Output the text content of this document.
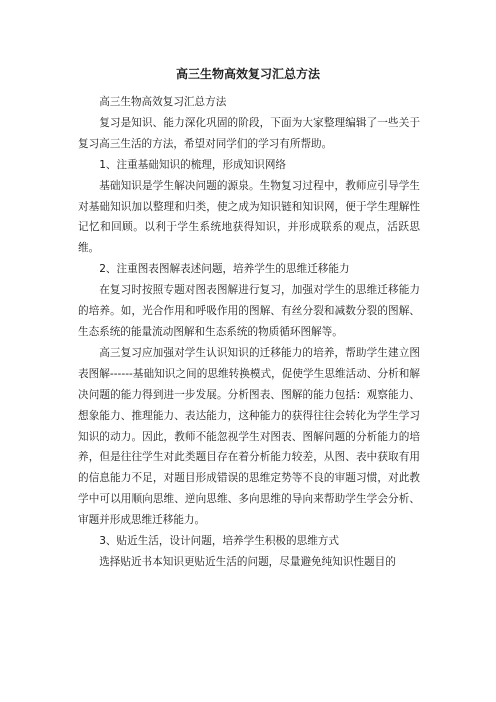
高三生物高效复习汇总方法

高三生物高效复习汇总方法

复习是知识、能力深化巩固的阶段，下面为大家整理编辑了一些关于复习高三生活的方法，希望对同学们的学习有所帮助。

1、注重基础知识的梳理，形成知识网络

基础知识是学生解决问题的源泉。生物复习过程中，教师应引导学生对基础知识加以整理和归类，使之成为知识链和知识网，便于学生理解性记忆和回顾。以利于学生系统地获得知识，并形成联系的观点，活跃思维。

2、注重图表图解表述问题，培养学生的思维迁移能力

在复习时按照专题对图表图解进行复习，加强对学生的思维迁移能力的培养。如，光合作用和呼吸作用的图解、有丝分裂和减数分裂的图解、生态系统的能量流动图解和生态系统的物质循环图解等。

高三复习应加强对学生认识知识的迁移能力的培养，帮助学生建立图表图解------基础知识之间的思维转换模式，促使学生思维活动、分析和解决问题的能力得到进一步发展。分析图表、图解的能力包括：观察能力、想象能力、推理能力、表达能力，这种能力的获得往往会转化为学生学习知识的动力。因此，教师不能忽视学生对图表、图解问题的分析能力的培养，但是往往学生对此类题目存在着分析能力较差，从图、表中获取有用的信息能力不足，对题目形成错误的思维定势等不良的审题习惯，对此教学中可以用顺向思维、逆向思维、多向思维的导向来帮助学生学会分析、审题并形成思维迁移能力。

3、贴近生活，设计问题，培养学生积极的思维方式

选择贴近书本知识更贴近生活的问题，尽量避免纯知识性题目的
